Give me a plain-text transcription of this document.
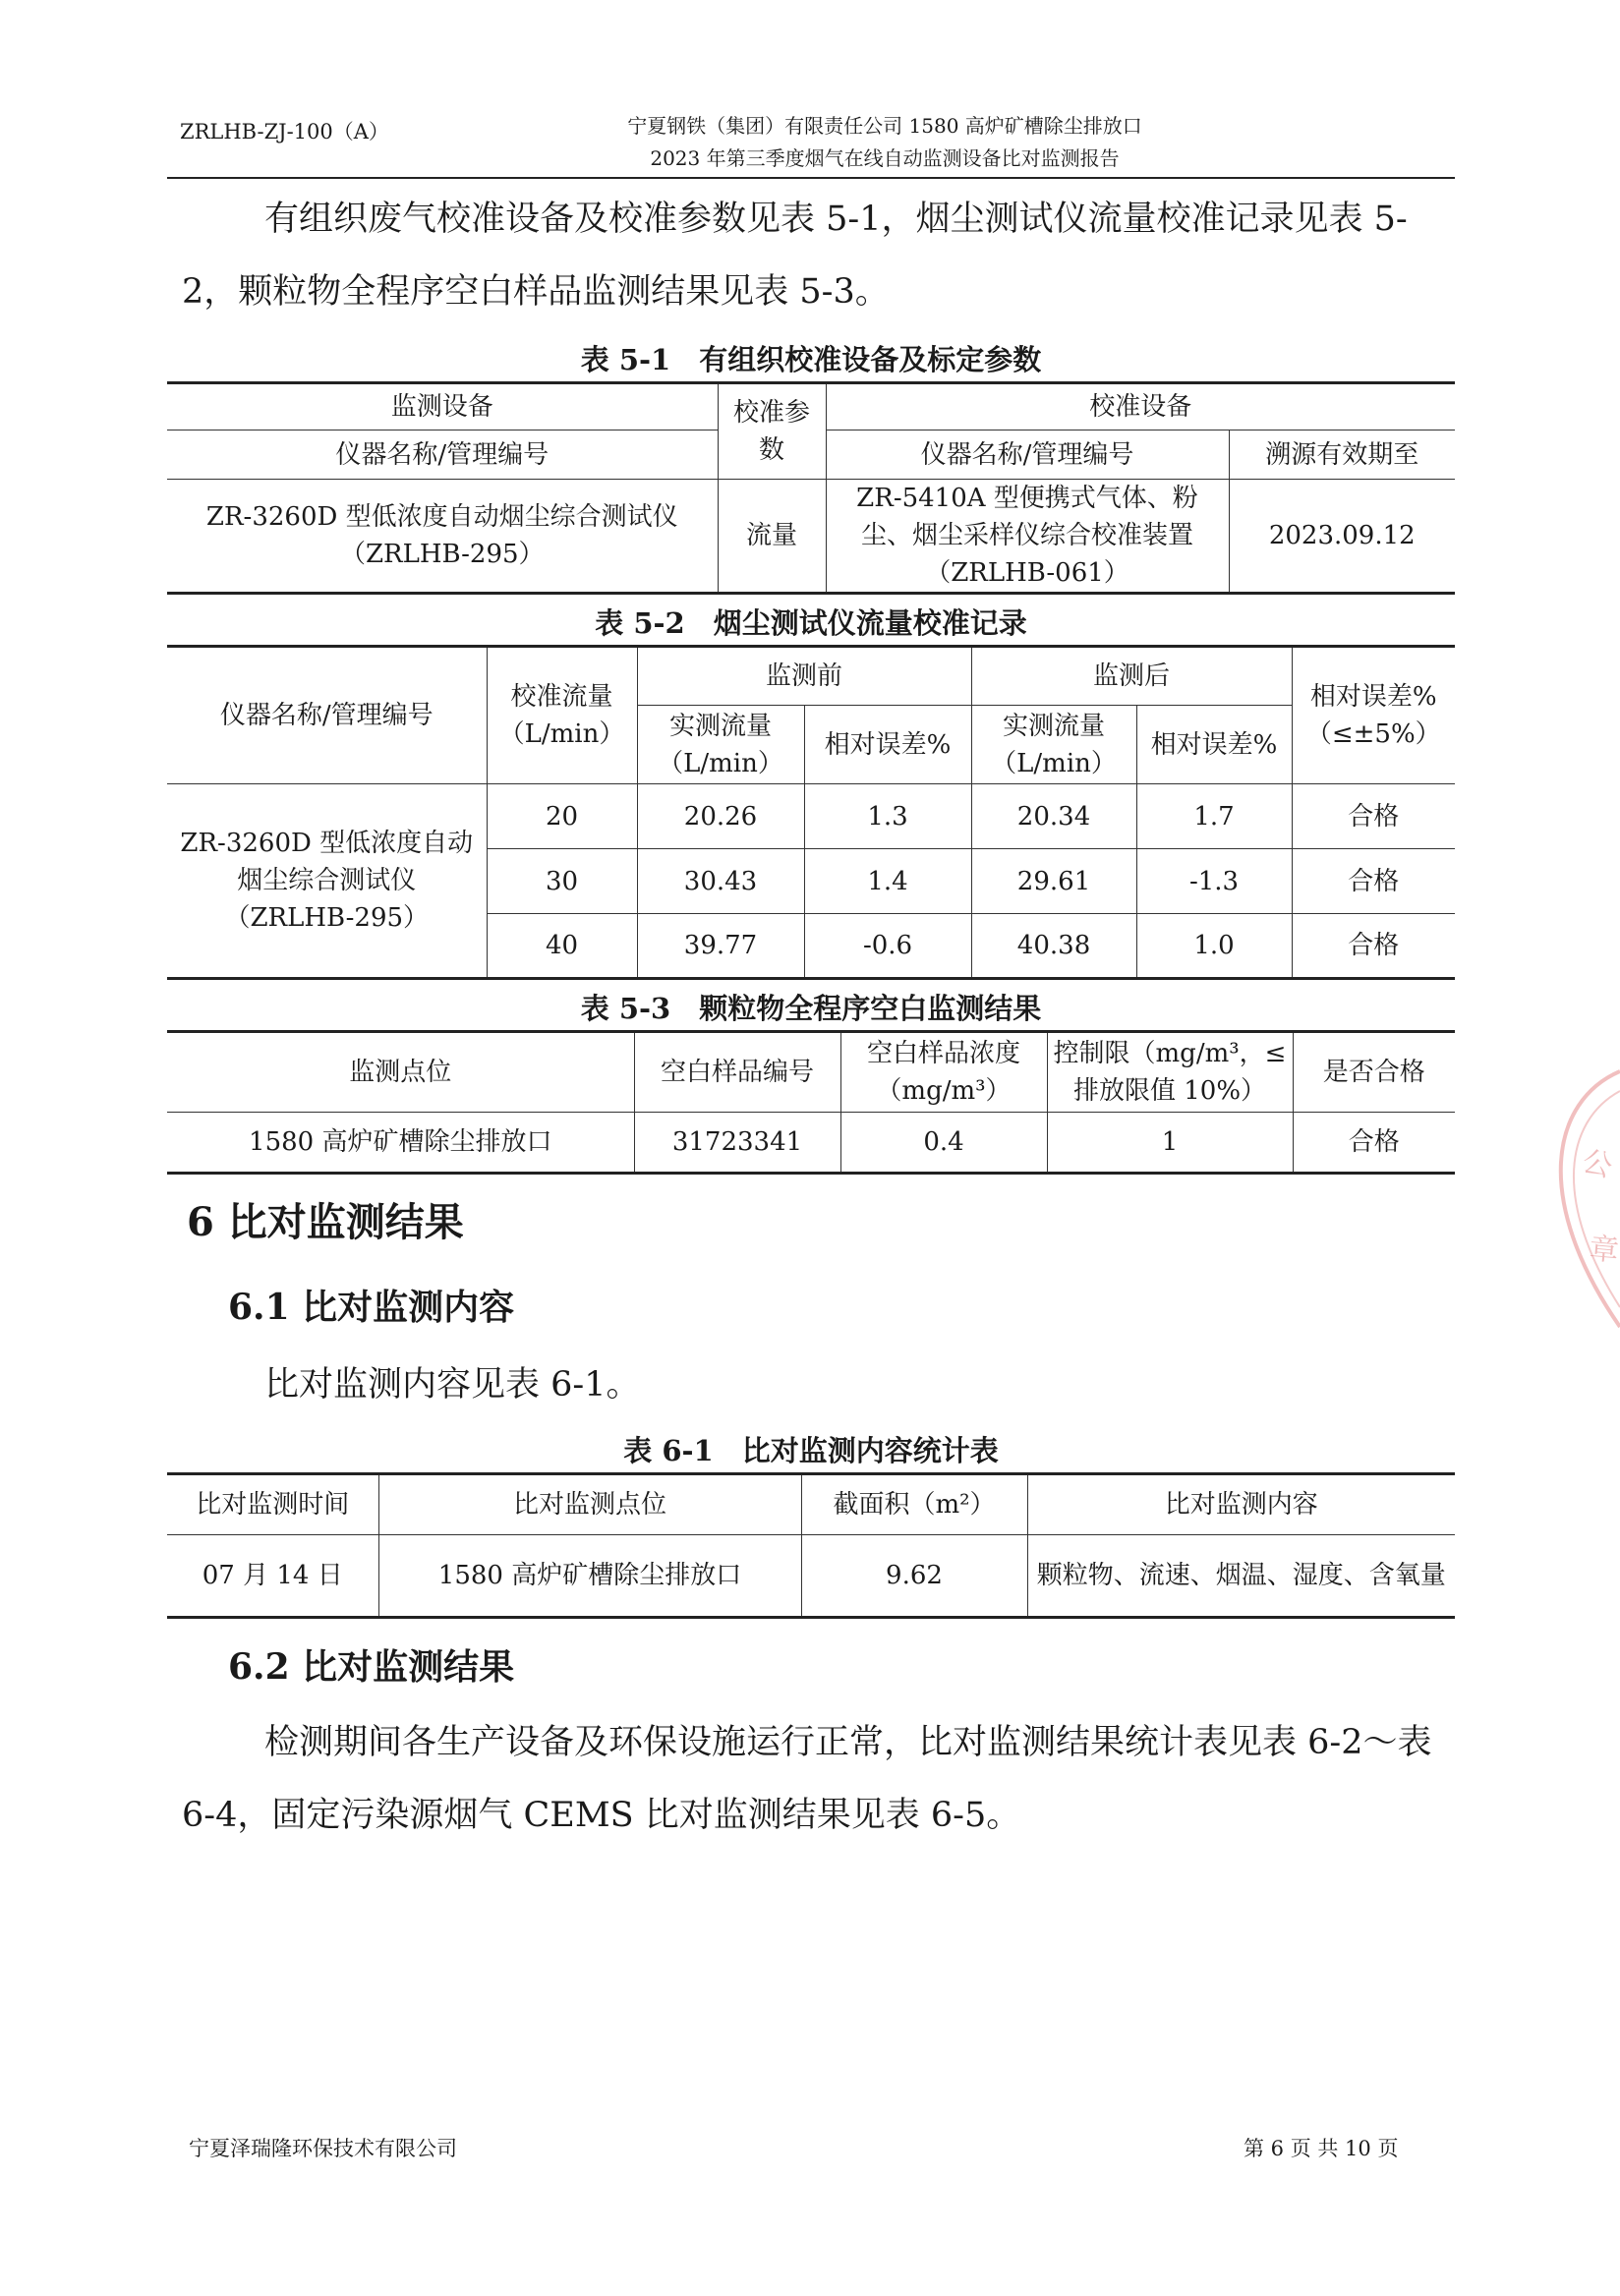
ZRLHB-ZJ-100（A）	宁夏钢铁（集团）有限责任公司 1580 高炉矿槽除尘排放口
2023 年第三季度烟气在线自动监测设备比对监测报告
有组织废气校准设备及校准参数见表 5-1，烟尘测试仪流量校准记录见表 5-2，颗粒物全程序空白样品监测结果见表 5-3。
表 5-1　有组织校准设备及标定参数
监测设备	校准参数	校准设备	
仪器名称/管理编号		仪器名称/管理编号	溯源有效期至
ZR-3260D 型低浓度自动烟尘综合测试仪（ZRLHB-295）	流量	ZR-5410A 型便携式气体、粉尘、烟尘采样仪综合校准装置（ZRLHB-061）	2023.09.12
表 5-2　烟尘测试仪流量校准记录
仪器名称/管理编号	校准流量（L/min）	监测前		监测后		相对误差%（≤±5%）
		实测流量（L/min）	相对误差%	实测流量（L/min）	相对误差%	
ZR-3260D 型低浓度自动烟尘综合测试仪（ZRLHB-295）	20	20.26	1.3	20.34	1.7	合格
	30	30.43	1.4	29.61	-1.3	合格
	40	39.77	-0.6	40.38	1.0	合格
表 5-3　颗粒物全程序空白监测结果
监测点位	空白样品编号	空白样品浓度（mg/m³）	控制限（mg/m³，≤排放限值 10%）	是否合格
1580 高炉矿槽除尘排放口	31723341	0.4	1	合格
6 比对监测结果
6.1 比对监测内容
比对监测内容见表 6-1。
表 6-1　比对监测内容统计表
比对监测时间	比对监测点位	截面积（m²）	比对监测内容
07 月 14 日	1580 高炉矿槽除尘排放口	9.62	颗粒物、流速、烟温、湿度、含氧量
6.2 比对监测结果
检测期间各生产设备及环保设施运行正常，比对监测结果统计表见表 6-2～表 6-4，固定污染源烟气 CEMS 比对监测结果见表 6-5。
宁夏泽瑞隆环保技术有限公司	第 6 页 共 10 页
公
章
